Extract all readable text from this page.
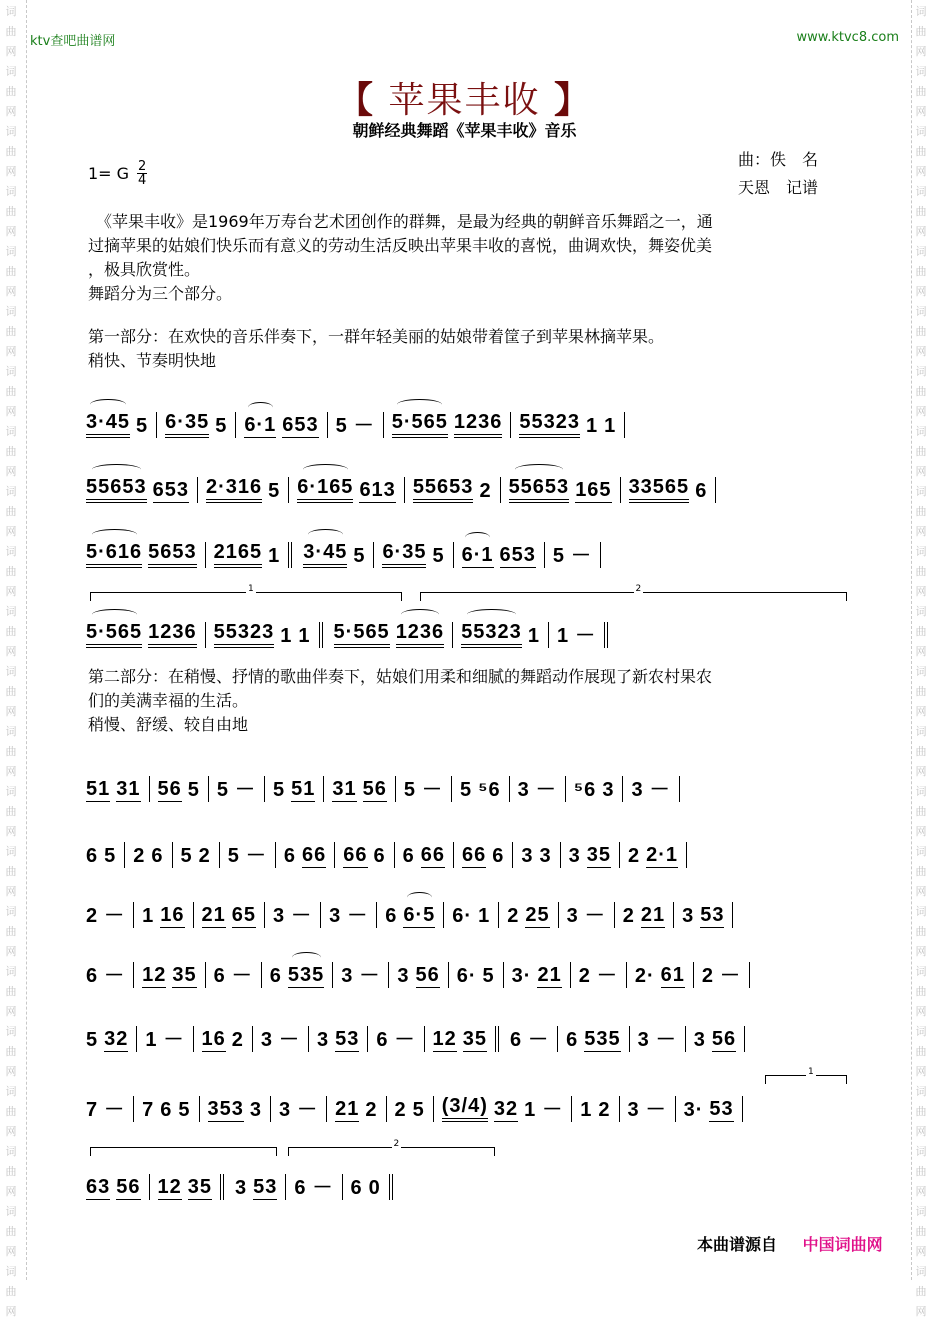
词
曲
网
词
曲
网
词
曲
网
词
曲
网
词
曲
网
词
曲
网
词
曲
网
词
曲
网
词
曲
网
词
曲
网
词
曲
网
词
曲
网
词
曲
网
词
曲
网
词
曲
网
词
曲
网
词
曲
网
词
曲
网
词
曲
网
词
曲
网
词
曲
网
词
曲
网
词
曲
网
词
曲
网
词
曲
网
词
曲
网
词
曲
网
词
曲
网
词
曲
网
词
曲
网
词
曲
网
词
曲
网
词
曲
网
词
曲
网
词
曲
网
词
曲
网
词
曲
网
词
曲
网
词
曲
网
词
曲
网
词
曲
网
词
曲
网
词
曲
网
词
曲
网
ktv查吧曲谱网	www.ktvc8.com
【 苹果丰收 】
朝鲜经典舞蹈《苹果丰收》音乐
1= G $\frac{2}{4}$
曲：佚　名
天恩　记谱
　《苹果丰收》是1969年万寿台艺术团创作的群舞，是最为经典的朝鲜音乐舞蹈之一，通
过摘苹果的姑娘们快乐而有意义的劳动生活反映出苹果丰收的喜悦，曲调欢快，舞姿优美
，极具欣赏性。
舞蹈分为三个部分。
第一部分：在欢快的音乐伴奏下，一群年轻美丽的姑娘带着筐子到苹果林摘苹果。
稍快、节奏明快地
第二部分：在稍慢、抒情的歌曲伴奏下，姑娘们用柔和细腻的舞蹈动作展现了新农村果农
们的美满幸福的生活。
稍慢、舒缓、较自由地
3·45 5 6·35 5 6·1 653 5 － 5·565 1236 55323 1 1
55653 653 2·316 5 6·165 613 55653 2 55653 165 33565 6
5·616 5653 2165 1 3·45 5 6·35 5 6·1 653 5 －
5·565 1236 55323 1 1 5·565 1236 55323 1 1 －
51 31 56 5 5 － 5 51 31 56 5 － 5 ⁵6 3 － ⁵6 3 3 －
6 5 2 6 5 2 5 － 6 66 66 6 6 66 66 6 3 3 3 35 2 2·1
2 － 1 16 21 65 3 － 3 － 6 6·5 6· 1 2 25 3 － 2 21 3 53
6 － 12 35 6 － 6 535 3 － 3 56 6· 5 3· 21 2 － 2· 61 2 －
5 32 1 － 16 2 3 － 3 53 6 － 12 35 6 － 6 535 3 － 3 56
7 － 7 6 5 353 3 3 － 21 2 2 5 (3/4) 32 1 － 1 2 3 － 3· 53
63 56 12 35 3 53 6 － 6 0
本曲谱源自 中国词曲网
1	2
1
2
